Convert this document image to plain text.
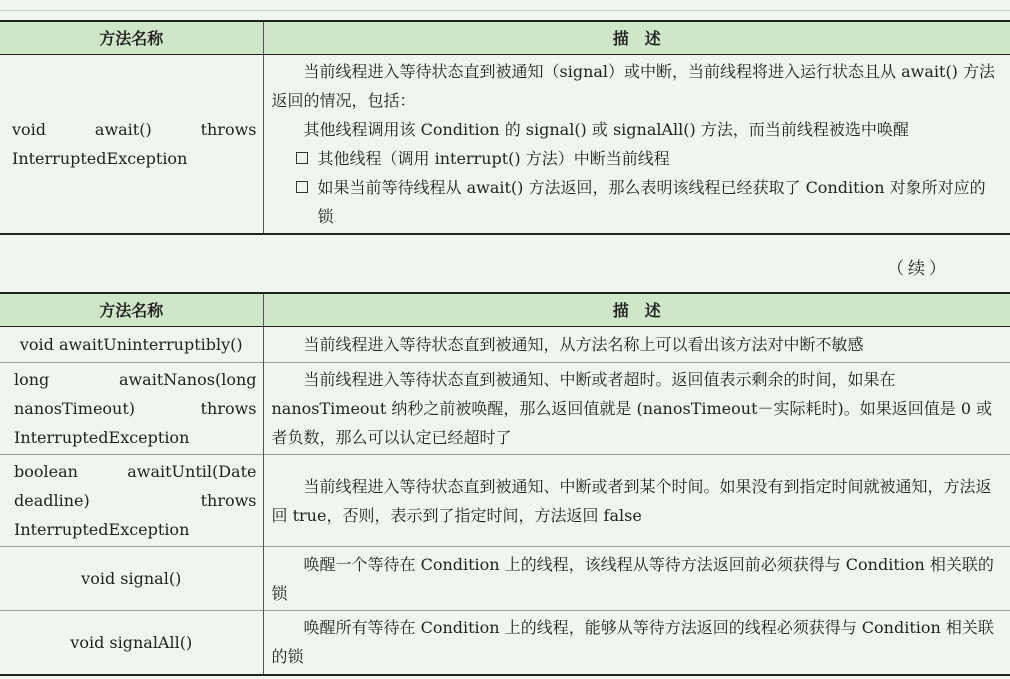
方法名称	描　述
void await() throws InterruptedException	当前线程进入等待状态直到被通知（signal）或中断，当前线程将进入运行状态且从 await() 方法返回的情况，包括：
其他线程调用该 Condition 的 signal() 或 signalAll() 方法，而当前线程被选中唤醒
其他线程（调用 interrupt() 方法）中断当前线程
如果当前等待线程从 await() 方法返回，那么表明该线程已经获取了 Condition 对象所对应的锁
（续）
方法名称	描　述
void awaitUninterruptibly()	当前线程进入等待状态直到被通知，从方法名称上可以看出该方法对中断不敏感

long awaitNanos(long nanosTimeout) throws InterruptedException	当前线程进入等待状态直到被通知、中断或者超时。返回值表示剩余的时间，如果在 nanosTimeout 纳秒之前被唤醒，那么返回值就是 (nanosTimeout－实际耗时)。如果返回值是 0 或者负数，那么可以认定已经超时了

boolean awaitUntil(Date deadline) throws InterruptedException	当前线程进入等待状态直到被通知、中断或者到某个时间。如果没有到指定时间就被通知，方法返回 true，否则，表示到了指定时间，方法返回 false

void signal()	唤醒一个等待在 Condition 上的线程，该线程从等待方法返回前必须获得与 Condition 相关联的锁

void signalAll()	唤醒所有等待在 Condition 上的线程，能够从等待方法返回的线程必须获得与 Condition 相关联的锁
